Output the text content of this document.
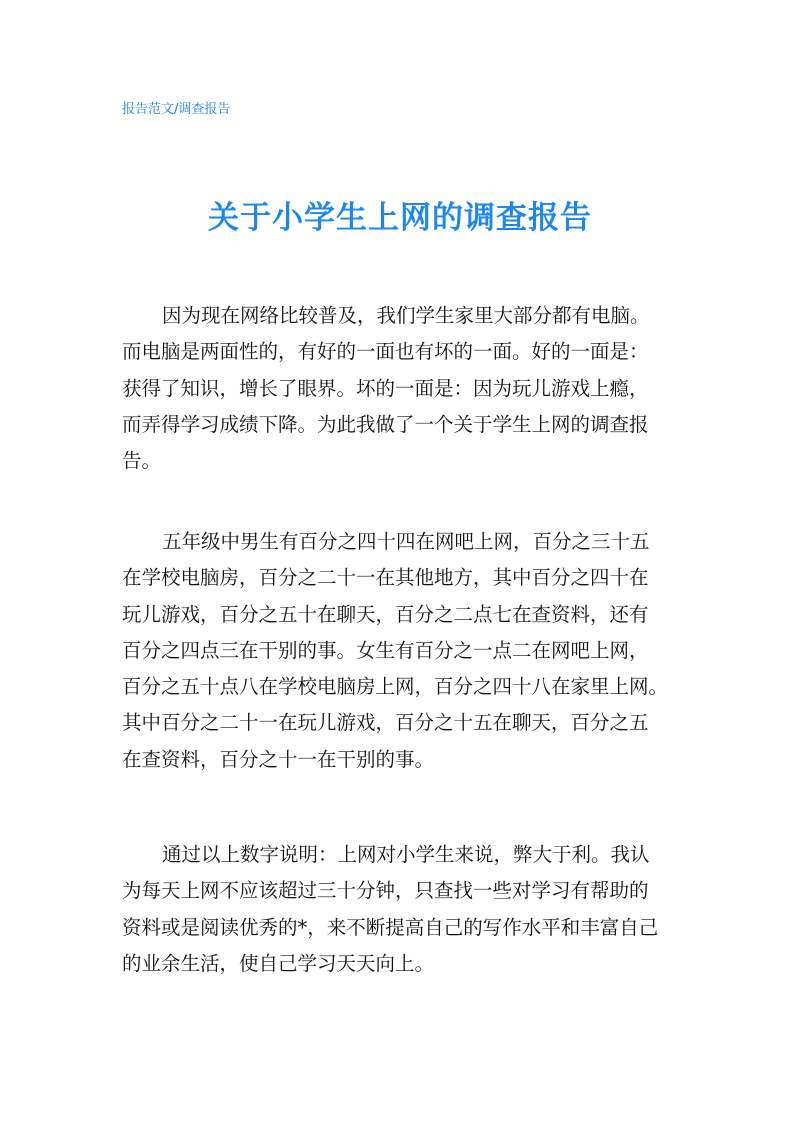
报告范文/调查报告
关于小学生上网的调查报告
因为现在网络比较普及，我们学生家里大部分都有电脑。
而电脑是两面性的，有好的一面也有坏的一面。好的一面是：
获得了知识，增长了眼界。坏的一面是：因为玩儿游戏上瘾，
而弄得学习成绩下降。为此我做了一个关于学生上网的调查报
告。
五年级中男生有百分之四十四在网吧上网，百分之三十五
在学校电脑房，百分之二十一在其他地方，其中百分之四十在
玩儿游戏，百分之五十在聊天，百分之二点七在查资料，还有
百分之四点三在干别的事。女生有百分之一点二在网吧上网，
百分之五十点八在学校电脑房上网，百分之四十八在家里上网。
其中百分之二十一在玩儿游戏，百分之十五在聊天，百分之五
在查资料，百分之十一在干别的事。
通过以上数字说明：上网对小学生来说，弊大于利。我认
为每天上网不应该超过三十分钟，只查找一些对学习有帮助的
资料或是阅读优秀的*，来不断提高自己的写作水平和丰富自己
的业余生活，使自己学习天天向上。
